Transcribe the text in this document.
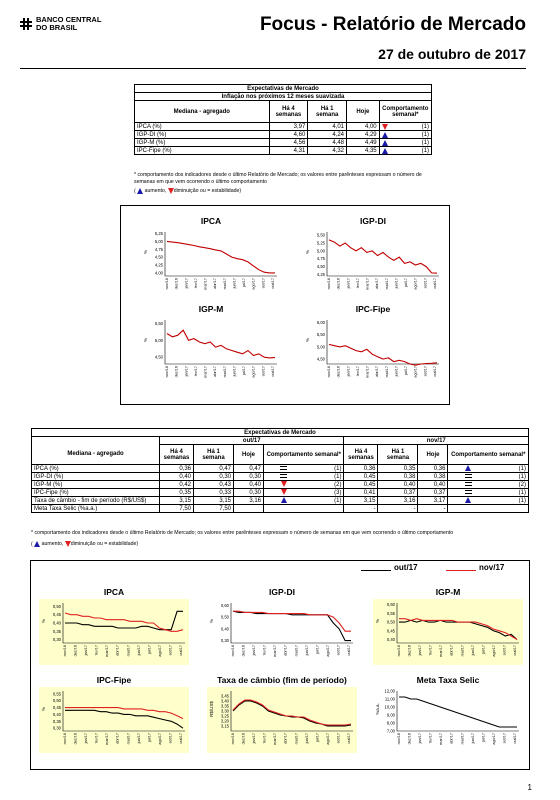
BANCO CENTRAL
DO BRASIL	Focus - Relatório de Mercado
27 de outubro de 2017
Expectativas de Mercado				
Inflação nos próximos 12 meses suavizada				
Mediana - agregado	Há 4 semanas	Há 1 semana	Hoje	Comportamento semanal*
IPCA (%)	3,97	4,01	4,00	(1)

IGP-DI (%)	4,60	4,24	4,29	(1)

IGP-M (%)	4,56	4,48	4,49	(1)

IPC-Fipe (%)	4,31	4,32	4,35	(1)
* comportamento dos indicadores desde o último Relatório de Mercado; os valores entre parênteses expressam o número de semanas em que vem ocorrendo o último comportamento
(  aumento, diminuição ou = estabilidade)
5,25
5,00
4,75
4,50
4,25
4,00
%
nov/16 dez/16 jan/17 fev/17 mar/17 abr/17 mai/17 jun/17 jul/17 ago/17 set/17 out/17
IPCA
5,50
5,25
5,00
4,75
4,50
4,25
%
nov/16 dez/16 jan/17 fev/17 mar/17 abr/17 mai/17 jun/17 jul/17 ago/17 set/17 out/17
IGP-DI
5,50
5,00
4,50
%
nov/16 dez/16 jan/17 fev/17 mar/17 abr/17 mai/17 jun/17 jul/17 ago/17 set/17 out/17
IGP-M
6,00
5,50
5,00
4,50
%
nov/16 dez/16 jan/17 fev/17 mar/17 abr/17 mai/17 jun/17 jul/17 ago/17 set/17 out/17
IPC-Fipe
Expectativas de Mercado										
	out/17					nov/17				
Mediana - agregado	Há 4 semanas	Há 1 semana	Hoje	Comportamento semanal*		Há 4 semanas	Há 1 semana	Hoje	Comportamento semanal*	
IPCA (%)	0,36	0,47	0,47		(1)	0,36	0,35	0,36		(1)
IGP-DI (%)	0,40	0,30	0,30		(1)	0,45	0,38	0,38		(1)
IGP-M (%)	0,42	0,43	0,40		(2)	0,45	0,40	0,40		(2)
IPC-Fipe (%)	0,35	0,33	0,30		(3)	0,41	0,37	0,37		(1)
Taxa de câmbio - fim de período (R$/US$)	3,15	3,15	3,16		(1)	3,15	3,16	3,17		(1)
Meta Taxa Selic (%a.a.)	7,50	7,50				-	-	-		
* comportamento dos indicadores desde o último Relatório de Mercado; os valores entre parênteses expressam o número de semanas em que vem ocorrendo o último comportamento
(  aumento, diminuição ou = estabilidade)
out/17	nov/17
0,50
0,45
0,40
0,35
0,30
%
nov/16 dez/16 jan/17 fev/17 mar/17 abr/17 mai/17 jun/17 jul/17 ago/17 set/17 out/17
IPCA
0,60
0,50
0,40
0,30
%
nov/16 dez/16 jan/17 fev/17 mar/17 abr/17 mai/17 jun/17 jul/17 ago/17 set/17 out/17
IGP-DI
0,60
0,55
0,50
0,45
0,40
%
nov/16 dez/16 jan/17 fev/17 mar/17 abr/17 mai/17 jun/17 jul/17 ago/17 set/17 out/17
IGP-M
0,55
0,50
0,45
0,40
0,35
0,30
%
nov/16 dez/16 jan/17 fev/17 mar/17 abr/17 mai/17 jun/17 jul/17 ago/17 set/17 out/17
IPC-Fipe
3,45
3,40
3,35
3,30
3,25
3,20
3,15
R$/US$
nov/16 dez/16 jan/17 fev/17 mar/17 abr/17 mai/17 jun/17 jul/17 ago/17 set/17 out/17
Taxa de câmbio (fim de período)
12,00
11,00
10,00
9,00
8,00
7,00
%a.a.
nov/16 dez/16 jan/17 fev/17 mar/17 abr/17 mai/17 jun/17 jul/17 ago/17 set/17 out/17
Meta Taxa Selic
1
